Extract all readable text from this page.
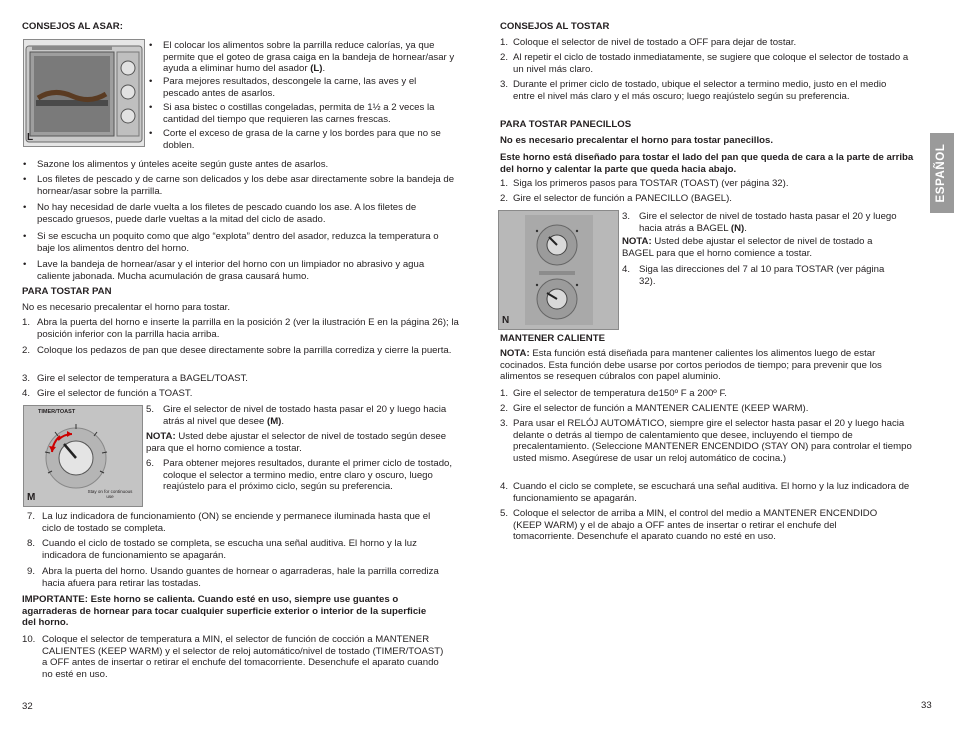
CONSEJOS AL ASAR:
L
• El colocar los alimentos sobre la parrilla reduce calorías, ya que permite que el goteo de grasa caiga en la bandeja de hornear/asar y ayuda a eliminar humo del asador (L).
• Para mejores resultados, descongele la carne, las aves y el pescado antes de asarlos.
• Si asa bistec o costillas congeladas, permita de 1½ a 2 veces la cantidad del tiempo que requieren las carnes frescas.
• Corte el exceso de grasa de la carne y los bordes para que no se doblen.
• Sazone los alimentos y únteles aceite según guste antes de asarlos.
• Los filetes de pescado y de carne son delicados y los debe asar directamente sobre la bandeja de hornear/asar sobre la parrilla.
• No hay necesidad de darle vuelta a los filetes de pescado cuando los ase. A los filetes de pescado gruesos, puede darle vueltas a la mitad del ciclo de asado.
• Si se escucha un poquito como que algo “explota” dentro del asador, reduzca la temperatura o baje los alimentos dentro del horno.
• Lave la bandeja de hornear/asar y el interior del horno con un limpiador no abrasivo y agua caliente jabonada. Mucha acumulación de grasa causará humo.
PARA TOSTAR PAN
No es necesario precalentar el horno para tostar.
1. Abra la puerta del horno e inserte la parrilla en la posición 2 (ver la ilustración E en la página 26); la posición inferior con la parrilla hacia arriba.
2. Coloque los pedazos de pan que desee directamente sobre la parrilla corrediza y cierre la puerta.
3. Gire el selector de temperatura a BAGEL/TOAST.
4. Gire el selector de función a TOAST.
TIMER/TOAST
Stay on for continuous use
M
5. Gire el selector de nivel de tostado hasta pasar el 20 y luego hacia atrás al nivel que desee (M).
NOTA: Usted debe ajustar el selector de nivel de tostado según desee para que el horno comience a tostar.
6. Para obtener mejores resultados, durante el primer ciclo de tostado, coloque el selector a termino medio, entre claro y oscuro, luego reajústelo para el próximo ciclo, según su preferencia.
7. La luz indicadora de funcionamiento (ON) se enciende y permanece iluminada hasta que el ciclo de tostado se completa.
8. Cuando el ciclo de tostado se completa, se escucha una señal auditiva. El horno y la luz indicadora de funcionamiento se apagarán.
9. Abra la puerta del horno. Usando guantes de hornear o agarraderas, hale la parrilla corrediza hacia afuera para retirar las tostadas.
IMPORTANTE: Este horno se calienta. Cuando esté en uso, siempre use guantes o agarraderas de hornear para tocar cualquier superficie exterior o interior de la superficie del horno.
10. Coloque el selector de temperatura a MIN, el selector de función de cocción a MANTENER CALIENTES (KEEP WARM) y el selector de reloj automático/nivel de tostado (TIMER/TOAST) a OFF antes de insertar o retirar el enchufe del tomacorriente. Desenchufe el aparato cuando no esté en uso.
32
CONSEJOS AL TOSTAR
1. Coloque el selector de nivel de tostado a OFF para dejar de tostar.
2. Al repetir el ciclo de tostado inmediatamente, se sugiere que coloque el selector de tostado a un nivel más claro.
3. Durante el primer ciclo de tostado, ubique el selector a termino medio, justo en el medio entre el nivel más claro y el más oscuro; luego reajústelo según su preferencia.
PARA TOSTAR PANECILLOS
No es necesario precalentar el horno para tostar panecillos.
Este horno está diseñado para tostar el lado del pan que queda de cara a la parte de arriba del horno y calentar la parte que queda hacia abajo.
1. Siga los primeros pasos para TOSTAR (TOAST) (ver página 32).
2. Gire el selector de función a PANECILLO (BAGEL).
N
3. Gire el selector de nivel de tostado hasta pasar el 20 y luego hacia atrás a BAGEL (N).
NOTA: Usted debe ajustar el selector de nivel de tostado a BAGEL para que el horno comience a tostar.
4. Siga las direcciones del 7 al 10 para TOSTAR (ver página 32).
MANTENER CALIENTE
NOTA: Esta función está diseñada para mantener calientes los alimentos luego de estar cocinados. Esta función debe usarse por cortos periodos de tiempo; para prevenir que los alimentos se resequen cúbralos con papel aluminio.
1. Gire el selector de temperatura de150º F a 200º F.
2. Gire el selector de función a MANTENER CALIENTE (KEEP WARM).
3. Para usar el RELÓJ AUTOMÁTICO, siempre gire el selector hasta pasar el 20 y luego hacia delante o detrás al tiempo de calentamiento que desee, incluyendo el tiempo de precalentamiento. (Seleccione MANTENER ENCENDIDO (STAY ON) para controlar el tiempo usted mismo. Asegúrese de usar un reloj automático de cocina.)
4. Cuando el ciclo se complete, se escuchará una señal auditiva. El horno y la luz indicadora de funcionamiento se apagarán.
5. Coloque el selector de arriba a MIN, el control del medio a MANTENER ENCENDIDO (KEEP WARM) y el de abajo a OFF antes de insertar o retirar el enchufe del tomacorriente. Desenchufe el aparato cuando no esté en uso.
ESPAÑOL
33
